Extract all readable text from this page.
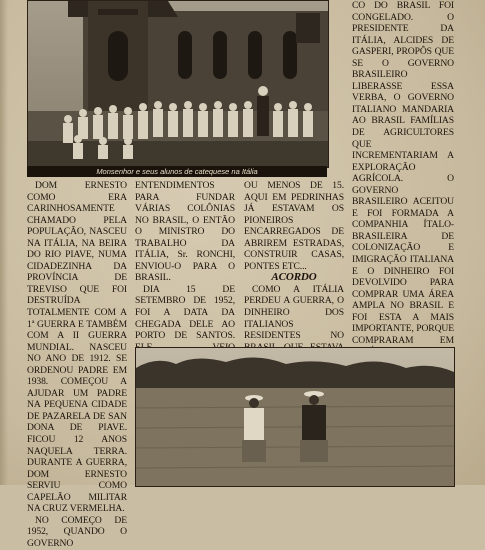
Monsenhor e seus alunos de catequese na Itália

DOM ERNESTO COMO ERA CARINHOSAMENTE CHAMADO PELA POPULAÇÃO, NASCEU NA ITÁLIA, NA BEIRA DO RIO PIAVE, NUMA CIDADEZINHA DA PROVÍNCIA DE TREVISO QUE FOI DESTRUÍDA TOTALMENTE COM A 1ª GUERRA E TAMBÉM COM A II GUERRA MUNDIAL. NASCEU NO ANO DE 1912. SE ORDENOU PADRE EM 1938. COMEÇOU A AJUDAR UM PADRE NA PEQUENA CIDADE DE PAZARELA DE SAN DONA DE PIAVE. FICOU 12 ANOS NAQUELA TERRA. DURANTE A GUERRA, DOM ERNESTO SERVIU COMO CAPELÃO MILITAR NA CRUZ VERMELHA.

NO COMEÇO DE 1952, QUANDO O GOVERNO

ENTENDIMENTOS PARA FUNDAR VÁRIAS COLÔNIAS NO BRASIL, O ENTÃO O MINISTRO DO TRABALHO DA ITÁLIA, Sr. RONCHI, ENVIOU-O PARA O BRASIL.

DIA 15 DE SETEMBRO DE 1952, FOI A DATA DA CHEGADA DELE AO PORTO DE SANTOS.

OU MENOS DE 15. AQUI EM PEDRINHAS JÁ ESTAVAM OS PIONEIROS ENCARREGADOS DE ABRIREM ESTRADAS, CONSTRUIR CASAS, PONTES ETC...

ACORDO

COMO A ITÁLIA PERDEU A GUERRA, O DINHEIRO DOS ITALIANOS RESIDENTES NO

CO DO BRASIL FOI CONGELADO. O PRESIDENTE DA ITÁLIA, ALCIDES DE GASPERI, PROPÔS QUE SE O GOVERNO BRASILEIRO LIBERASSE ESSA VERBA, O GOVERNO ITALIANO MANDARIA AO BRASIL FAMÍLIAS DE AGRICULTORES QUE INCREMENTARIAM A EXPLORAÇÃO AGRÍCOLA. O GOVERNO BRASILEIRO ACEITOU E FOI FORMADA A COMPANHIA ÍTALO-BRASILEIRA DE COLONIZAÇÃO E IMIGRAÇÃO ITALIANA E O DINHEIRO FOI DEVOLVIDO PARA COMPRAR UMA ÁREA AMPLA NO BRASIL E FOI ESTA A MAIS IMPORTANTE, PORQUE COMPRARAM EM
